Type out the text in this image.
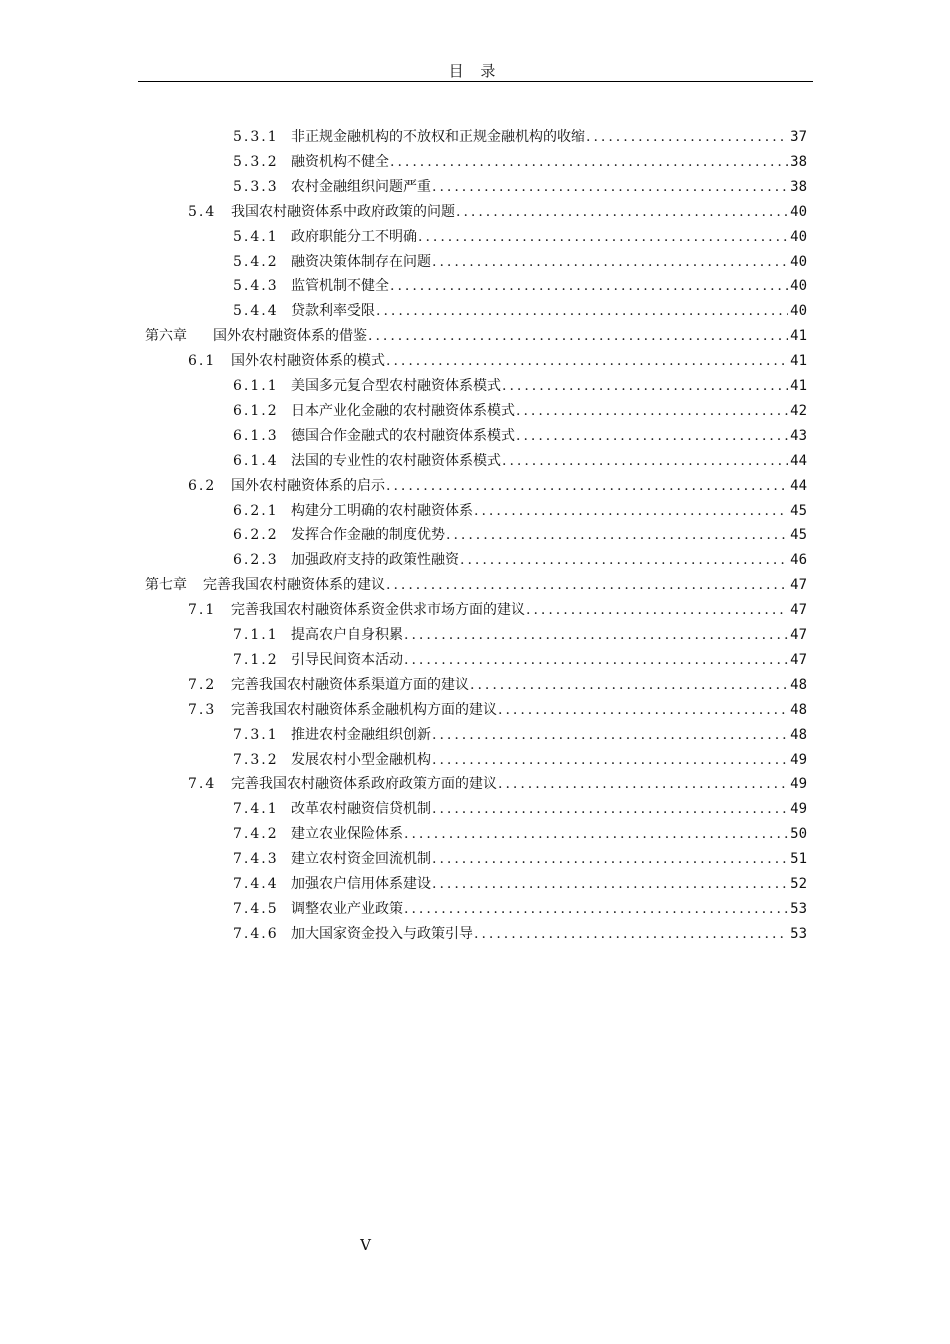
目 录
5.3.1 非正规金融机构的不放权和正规金融机构的收缩 .....	37
5.3.2 融资机构不健全 .....	38
5.3.3 农村金融组织问题严重 .....	38
5.4	我国农村融资体系中政府政策的问题 .....	40
5.4.1 政府职能分工不明确 .....	40
5.4.2 融资决策体制存在问题 .....	40
5.4.3 监管机制不健全 .....	40
5.4.4 贷款利率受限 .....	40
第六章	国外农村融资体系的借鉴 .....	41
6.1	国外农村融资体系的模式 .....	41
6.1.1 美国多元复合型农村融资体系模式 .....	41
6.1.2 日本产业化金融的农村融资体系模式 .....	42
6.1.3 德国合作金融式的农村融资体系模式 .....	43
6.1.4 法国的专业性的农村融资体系模式 .....	44
6.2	国外农村融资体系的启示 .....	44
6.2.1 构建分工明确的农村融资体系 .....	45
6.2.2 发挥合作金融的制度优势 .....	45
6.2.3 加强政府支持的政策性融资 .....	46
第七章	完善我国农村融资体系的建议 .....	47
7.1	完善我国农村融资体系资金供求市场方面的建议 .....	47
7.1.1 提高农户自身积累 .....	47
7.1.2 引导民间资本活动 .....	47
7.2	完善我国农村融资体系渠道方面的建议 .....	48
7.3	完善我国农村融资体系金融机构方面的建议 .....	48
7.3.1 推进农村金融组织创新 .....	48
7.3.2 发展农村小型金融机构 .....	49
7.4	完善我国农村融资体系政府政策方面的建议 .....	49
7.4.1 改革农村融资信贷机制 .....	49
7.4.2 建立农业保险体系 .....	50
7.4.3 建立农村资金回流机制 .....	51
7.4.4 加强农户信用体系建设 .....	52
7.4.5 调整农业产业政策 .....	53
7.4.6 加大国家资金投入与政策引导 .....	53
V
